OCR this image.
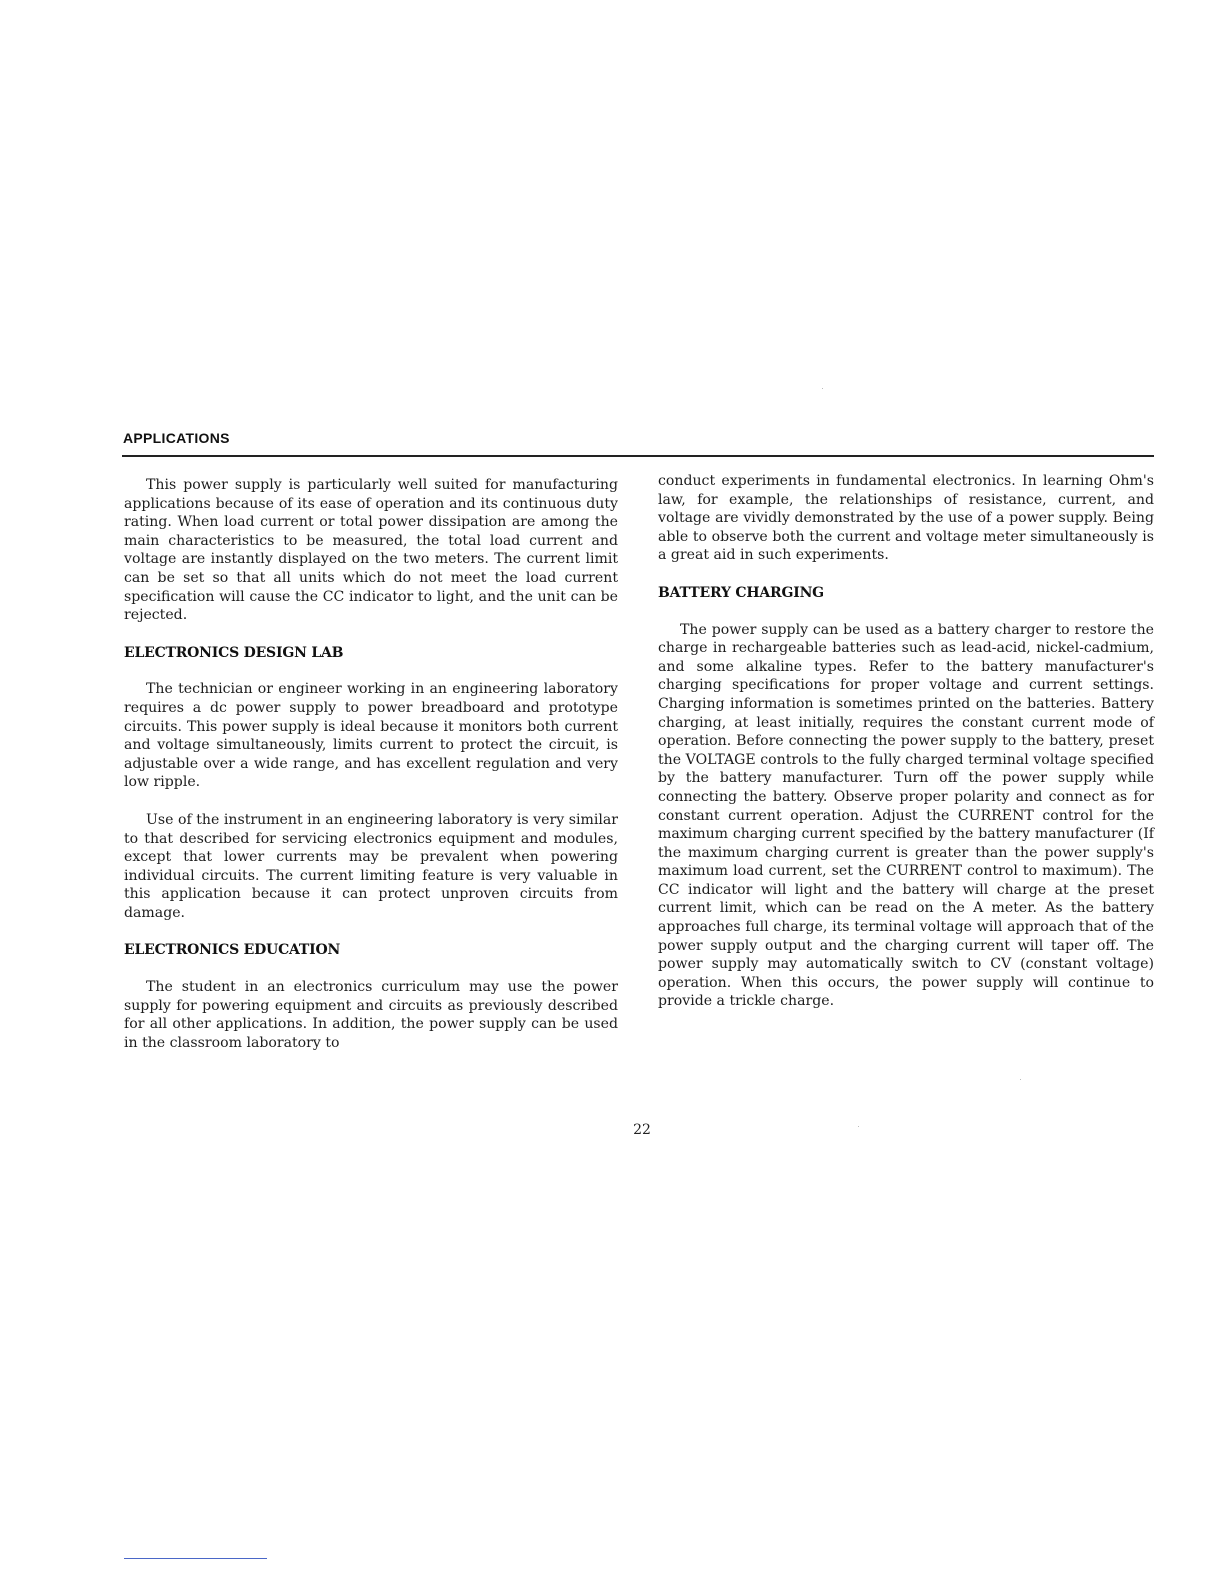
APPLICATIONS

This power supply is particularly well suited for manufacturing applications because of its ease of operation and its continuous duty rating. When load current or total power dissipation are among the main characteristics to be measured, the total load current and voltage are instantly displayed on the two meters. The current limit can be set so that all units which do not meet the load current specification will cause the CC indicator to light, and the unit can be rejected.

ELECTRONICS DESIGN LAB

The technician or engineer working in an engineering laboratory requires a dc power supply to power breadboard and prototype circuits. This power supply is ideal because it monitors both current and voltage simultaneously, limits current to protect the circuit, is adjustable over a wide range, and has excellent regulation and very low ripple.

Use of the instrument in an engineering laboratory is very similar to that described for servicing electronics equipment and modules, except that lower currents may be prevalent when powering individual circuits. The current limiting feature is very valuable in this application because it can protect unproven circuits from damage.

ELECTRONICS EDUCATION

The student in an electronics curriculum may use the power supply for powering equipment and circuits as previously described for all other applications. In addition, the power supply can be used in the classroom laboratory to

conduct experiments in fundamental electronics. In learning Ohm's law, for example, the relationships of resistance, current, and voltage are vividly demonstrated by the use of a power supply. Being able to observe both the current and voltage meter simultaneously is a great aid in such experiments.

BATTERY CHARGING

The power supply can be used as a battery charger to restore the charge in rechargeable batteries such as lead-acid, nickel-cadmium, and some alkaline types. Refer to the battery manufacturer's charging specifications for proper voltage and current settings. Charging information is sometimes printed on the batteries. Battery charging, at least initially, requires the constant current mode of operation. Before connecting the power supply to the battery, preset the VOLTAGE controls to the fully charged terminal voltage specified by the battery manufacturer. Turn off the power supply while connecting the battery. Observe proper polarity and connect as for constant current operation. Adjust the CURRENT control for the maximum charging current specified by the battery manufacturer (If the maximum charging current is greater than the power supply's maximum load current, set the CURRENT control to maximum). The CC indicator will light and the battery will charge at the preset current limit, which can be read on the A meter. As the battery approaches full charge, its terminal voltage will approach that of the power supply output and the charging current will taper off. The power supply may automatically switch to CV (constant voltage) operation. When this occurs, the power supply will continue to provide a trickle charge.

22
